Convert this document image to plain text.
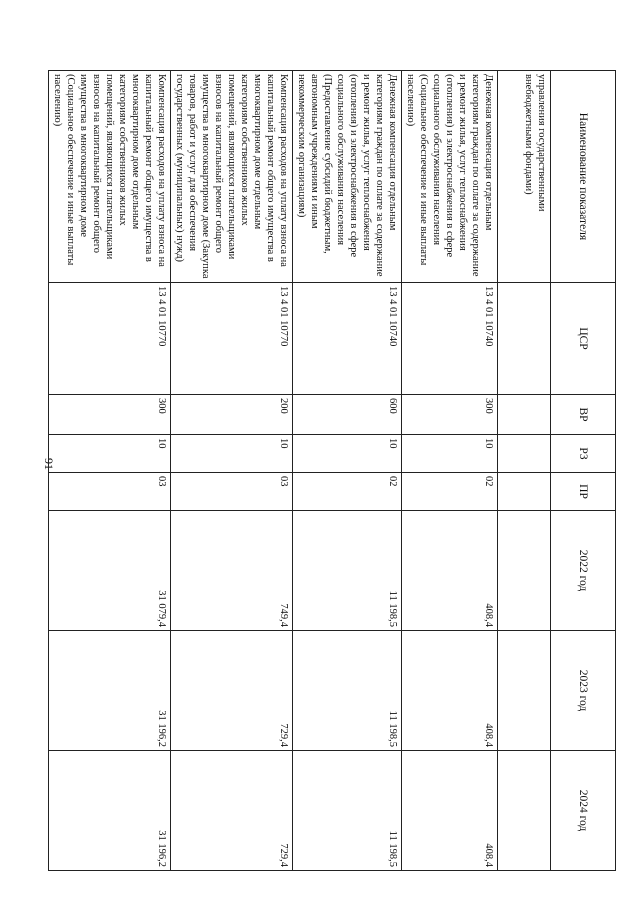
91
Наименование показателя	ЦСР	ВР	РЗ	ПР	2022 год	2023 год	2024 год
управления государственными внебюджетными фондами)							
Денежная компенсация отдельным категориям граждан по оплате за содержание и ремонт жилья, услуг теплоснабжения (отопления) и электроснабжения в сфере социального обслуживания населения (Социальное обеспечение и иные выплаты населению)	13 4 01 10740	300	10	02	408,4	408,4	408,4
Денежная компенсация отдельным категориям граждан по оплате за содержание и ремонт жилья, услуг теплоснабжения (отопления) и электроснабжения в сфере социального обслуживания населения (Предоставление субсидий бюджетным, автономным учреждениям и иным некоммерческим организациям)	13 4 01 10740	600	10	02	11 198,5	11 198,5	11 198,5
Компенсация расходов на уплату взноса на капитальный ремонт общего имущества в многоквартирном доме отдельным категориям собственников жилых помещений, являющихся плательщиками взносов на капитальный ремонт общего имущества в многоквартирном доме (Закупка товаров, работ и услуг для обеспечения государственных (муниципальных) нужд)	13 4 01 10770	200	10	03	749,4	729,4	729,4
Компенсация расходов на уплату взноса на капитальный ремонт общего имущества в многоквартирном доме отдельным категориям собственников жилых помещений, являющихся плательщиками взносов на капитальный ремонт общего имущества в многоквартирном доме (Социальное обеспечение и иные выплаты населению)	13 4 01 10770	300	10	03	31 079,4	31 196,2	31 196,2
